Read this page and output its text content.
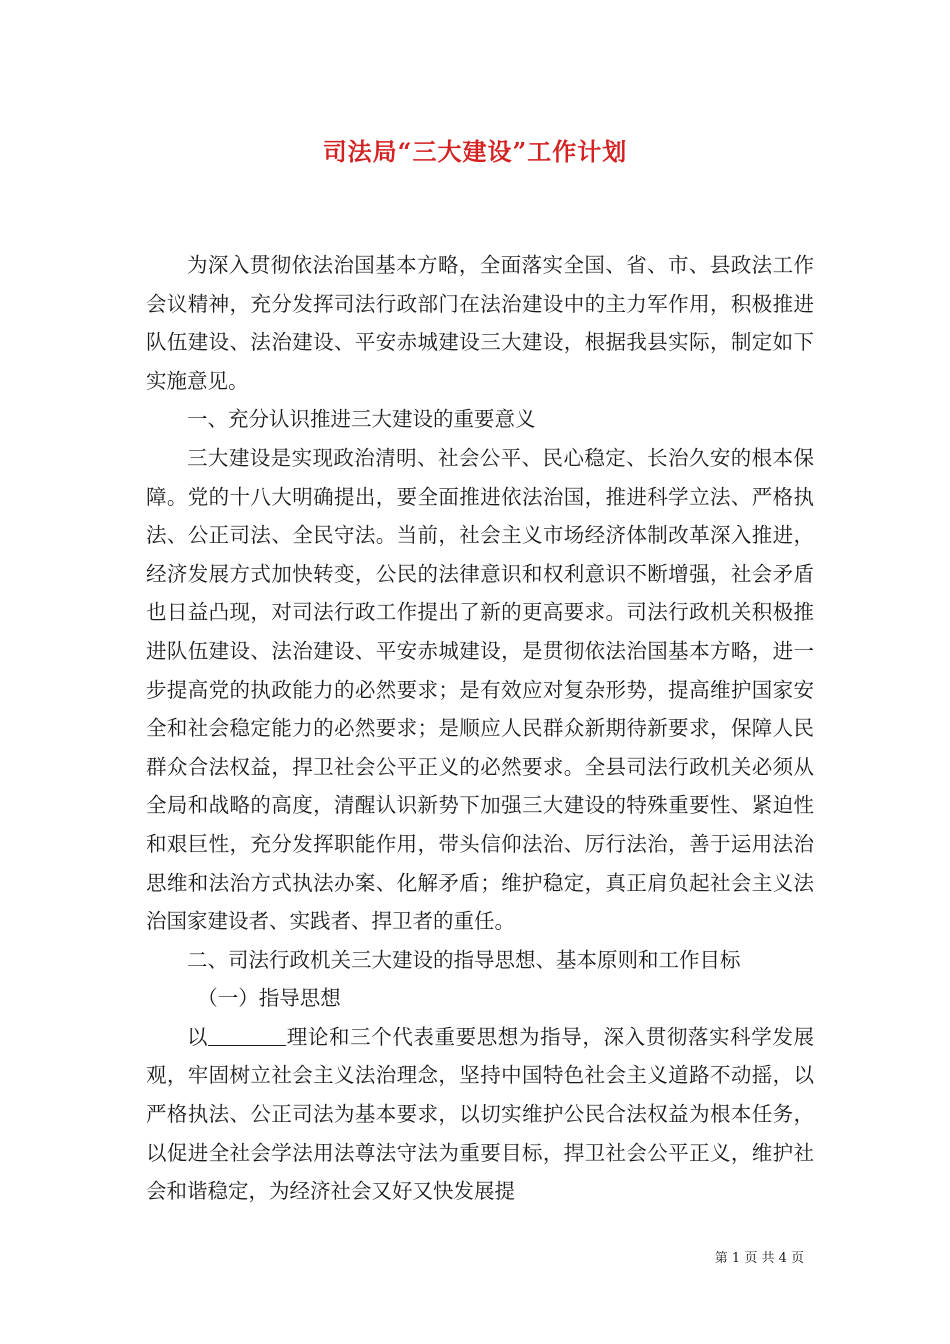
司法局“三大建设”工作计划

为深入贯彻依法治国基本方略，全面落实全国、省、市、县政法工作会议精神，充分发挥司法行政部门在法治建设中的主力军作用，积极推进队伍建设、法治建设、平安赤城建设三大建设，根据我县实际，制定如下实施意见。

一、充分认识推进三大建设的重要意义

三大建设是实现政治清明、社会公平、民心稳定、长治久安的根本保障。党的十八大明确提出，要全面推进依法治国，推进科学立法、严格执法、公正司法、全民守法。当前，社会主义市场经济体制改革深入推进，经济发展方式加快转变，公民的法律意识和权利意识不断增强，社会矛盾也日益凸现，对司法行政工作提出了新的更高要求。司法行政机关积极推进队伍建设、法治建设、平安赤城建设，是贯彻依法治国基本方略，进一步提高党的执政能力的必然要求；是有效应对复杂形势，提高维护国家安全和社会稳定能力的必然要求；是顺应人民群众新期待新要求，保障人民群众合法权益，捍卫社会公平正义的必然要求。全县司法行政机关必须从全局和战略的高度，清醒认识新势下加强三大建设的特殊重要性、紧迫性和艰巨性，充分发挥职能作用，带头信仰法治、厉行法治，善于运用法治思维和法治方式执法办案、化解矛盾；维护稳定，真正肩负起社会主义法治国家建设者、实践者、捍卫者的重任。

二、司法行政机关三大建设的指导思想、基本原则和工作目标

（一）指导思想

以	理论和三个代表重要思想为指导，深入贯彻落实科学发展观，牢固树立社会主义法治理念，坚持中国特色社会主义道路不动摇，以严格执法、公正司法为基本要求，以切实维护公民合法权益为根本任务，以促进全社会学法用法尊法守法为重要目标，捍卫社会公平正义，维护社会和谐稳定，为经济社会又好又快发展提

第 1 页 共 4 页
